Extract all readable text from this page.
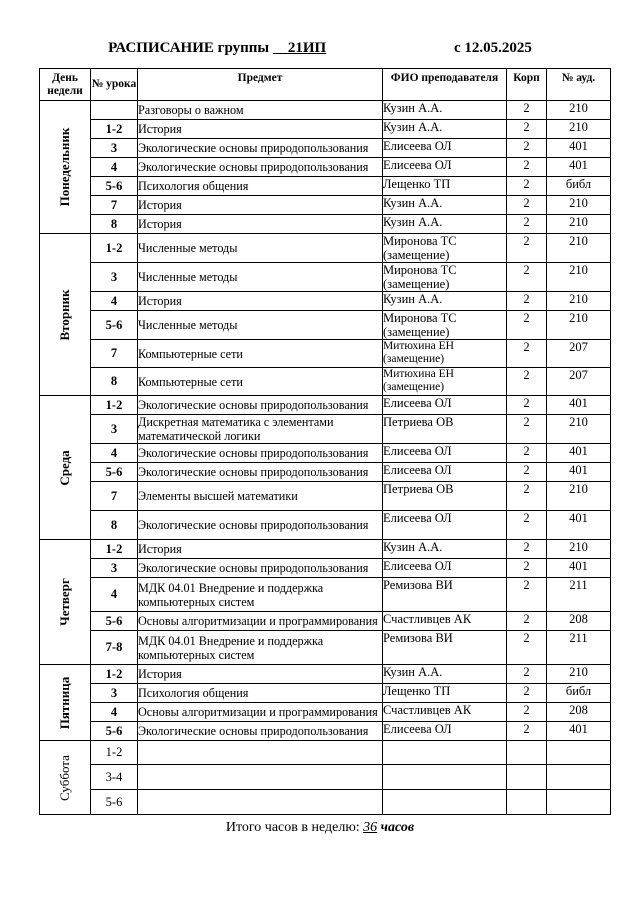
РАСПИСАНИЕ группы 21ИП	с 12.05.2025
День недели	№ урока	Предмет	ФИО преподавателя	Корп	№ ауд.

Понедельник		Разговоры о важном	Кузин А.А.	2	210
	1-2	История	Кузин А.А.	2	210
	3	Экологические основы природопользования	Елисеева ОЛ	2	401
	4	Экологические основы природопользования	Елисеева ОЛ	2	401
	5-6	Психология общения	Лещенко ТП	2	библ
	7	История	Кузин А.А.	2	210
	8	История	Кузин А.А.	2	210

Вторник	1-2	Численные методы	Миронова ТС (замещение)	2	210
	3	Численные методы	Миронова ТС (замещение)	2	210
	4	История	Кузин А.А.	2	210
	5-6	Численные методы	Миронова ТС (замещение)	2	210
	7	Компьютерные сети	Митюхина ЕН (замещение)	2	207
	8	Компьютерные сети	Митюхина ЕН (замещение)	2	207

Среда	1-2	Экологические основы природопользования	Елисеева ОЛ	2	401
	3	Дискретная математика с элементами математической логики	Петриева ОВ	2	210
	4	Экологические основы природопользования	Елисеева ОЛ	2	401
	5-6	Экологические основы природопользования	Елисеева ОЛ	2	401
	7	Элементы высшей математики	Петриева ОВ	2	210
	8	Экологические основы природопользования	Елисеева ОЛ	2	401

Четверг	1-2	История	Кузин А.А.	2	210
	3	Экологические основы природопользования	Елисеева ОЛ	2	401
	4	МДК 04.01 Внедрение и поддержка компьютерных систем	Ремизова ВИ	2	211
	5-6	Основы алгоритмизации и программирования	Счастливцев АК	2	208
	7-8	МДК 04.01 Внедрение и поддержка компьютерных систем	Ремизова ВИ	2	211

Пятница	1-2	История	Кузин А.А.	2	210
	3	Психология общения	Лещенко ТП	2	библ
	4	Основы алгоритмизации и программирования	Счастливцев АК	2	208
	5-6	Экологические основы природопользования	Елисеева ОЛ	2	401

Суббота	1-2				
	3-4				
	5-6				
Итого часов в неделю: 36 часов
